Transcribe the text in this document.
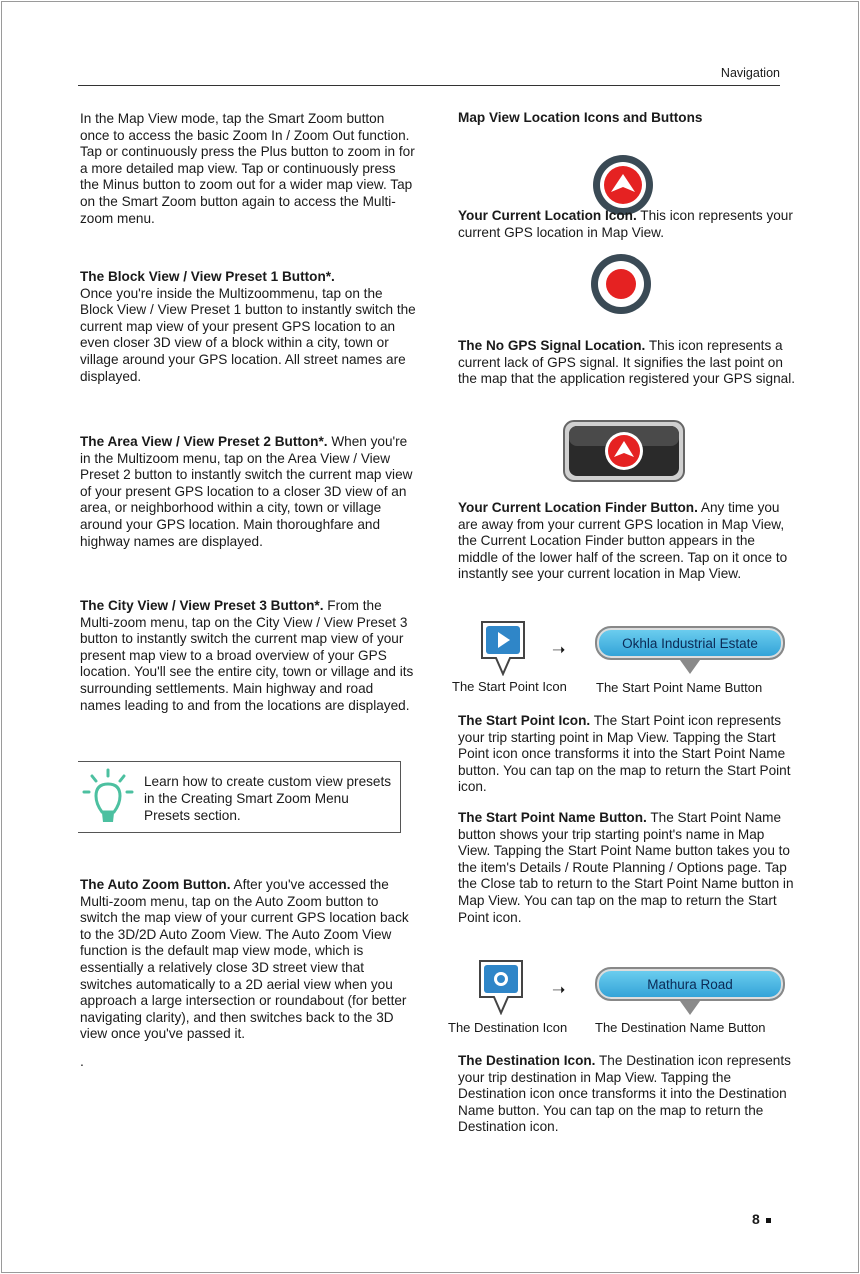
Navigation

In the Map View mode, tap the Smart Zoom button once to access the basic Zoom In / Zoom Out function. Tap or continuously press the Plus button to zoom in for a more detailed map view. Tap or continuously press the Minus button to zoom out for a wider map view. Tap on the Smart Zoom button again to access the Multi-zoom menu.

The Block View / View Preset 1 Button*.
Once you're inside the Multizoommenu, tap on the Block View / View Preset 1 button to instantly switch the current map view of your present GPS location to an even closer 3D view of a block within a city, town or village around your GPS location. All street names are displayed.

The Area View / View Preset 2 Button*. When you're in the Multizoom menu, tap on the Area View / View Preset 2 button to instantly switch the current map view of your present GPS location to a closer 3D view of an area, or neighborhood within a city, town or village around your GPS location. Main thoroughfare and highway names are displayed.

The City View / View Preset 3 Button*. From the Multi-zoom menu, tap on the City View / View Preset 3 button to instantly switch the current map view of your present map view to a broad overview of your GPS location. You'll see the entire city, town or village and its surrounding settlements. Main highway and road names leading to and from the locations are displayed.

Learn how to create custom view presets in the Creating Smart Zoom Menu Presets section.

The Auto Zoom Button. After you've accessed the Multi-zoom menu, tap on the Auto Zoom button to switch the map view of your current GPS location back to the 3D/2D Auto Zoom View. The Auto Zoom View function is the default map view mode, which is essentially a relatively close 3D street view that switches automatically to a 2D aerial view when you approach a large intersection or roundabout (for better navigating clarity), and then switches back to the 3D view once you've passed it.

.
Map View Location Icons and Buttons

Your Current Location Icon. This icon represents your current GPS location in Map View.

The No GPS Signal Location. This icon represents a current lack of GPS signal. It signifies the last point on the map that the application registered your GPS signal.

Your Current Location Finder Button. Any time you are away from your current GPS location in Map View, the Current Location Finder button appears in the middle of the lower half of the screen. Tap on it once to instantly see your current location in Map View.

➝	Okhla Industrial Estate
The Start Point Icon The Start Point Name Button

The Start Point Icon. The Start Point icon represents your trip starting point in Map View. Tapping the Start Point icon once transforms it into the Start Point Name button. You can tap on the map to return the Start Point icon.

The Start Point Name Button. The Start Point Name button shows your trip starting point's name in Map View. Tapping the Start Point Name button takes you to the item's Details / Route Planning / Options page. Tap the Close tab to return to the Start Point Name button in Map View. You can tap on the map to return the Start Point icon.

➝	Mathura Road
The Destination Icon The Destination Name Button

The Destination Icon. The Destination icon represents your trip destination in Map View. Tapping the Destination icon once transforms it into the Destination Name button. You can tap on the map to return the Destination icon.

8
